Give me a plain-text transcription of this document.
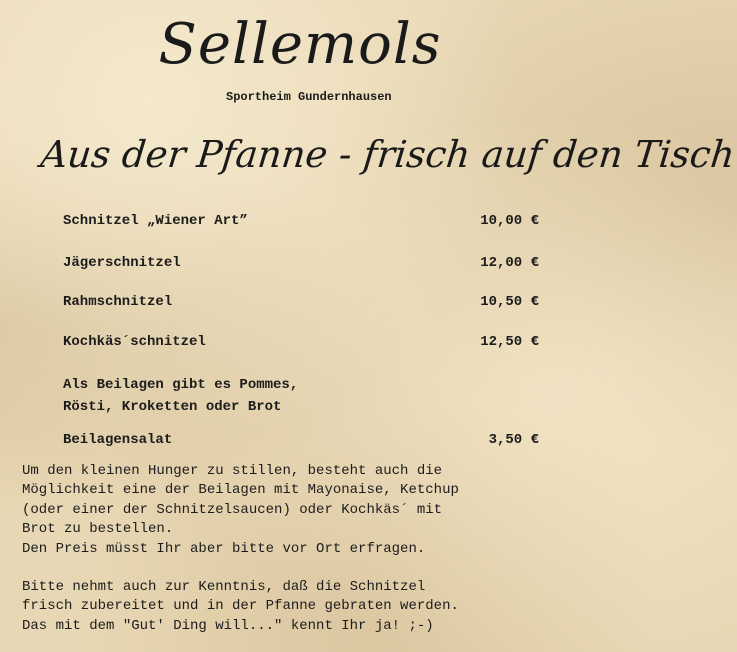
Sellemols
Sportheim Gundernhausen
Aus der Pfanne - frisch auf den Tisch
Schnitzel „Wiener Art”	10,00 €
Jägerschnitzel	12,00 €
Rahmschnitzel	10,50 €
Kochkäs´schnitzel	12,50 €
Als Beilagen gibt es Pommes,
Rösti, Kroketten oder Brot
Beilagensalat	3,50 €
Um den kleinen Hunger zu stillen, besteht auch die
Möglichkeit eine der Beilagen mit Mayonaise, Ketchup
(oder einer der Schnitzelsaucen) oder Kochkäs´ mit
Brot zu bestellen.
Den Preis müsst Ihr aber bitte vor Ort erfragen.
Bitte nehmt auch zur Kenntnis, daß die Schnitzel
frisch zubereitet und in der Pfanne gebraten werden.
Das mit dem "Gut' Ding will..." kennt Ihr ja! ;-)
